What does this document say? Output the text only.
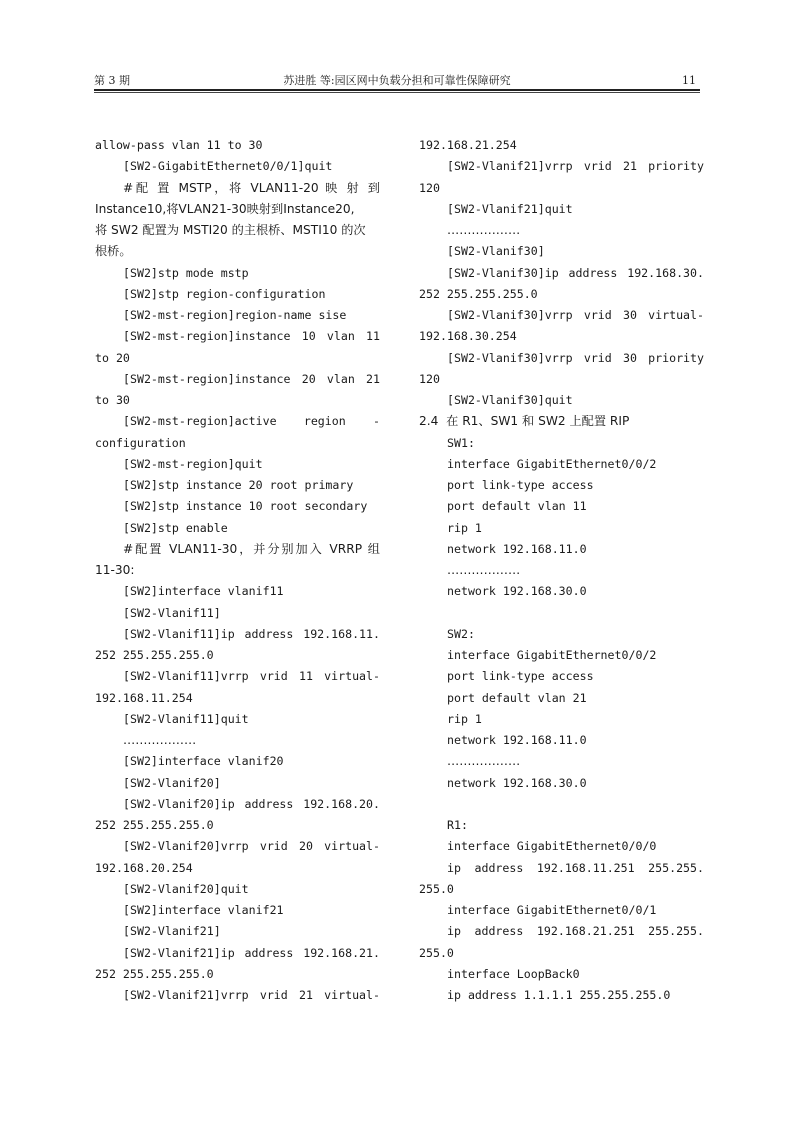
第 3 期	苏进胜 等:园区网中负载分担和可靠性保障研究	11
allow-pass vlan 11 to 30
[SW2-GigabitEthernet0/0/1]quit
#配 置 MSTP，将 VLAN11-20 映 射 到
Instance10,将VLAN21-30映射到Instance20,
将 SW2 配置为 MSTI20 的主根桥、MSTI10 的次
根桥。
[SW2]stp mode mstp
[SW2]stp region-configuration
[SW2-mst-region]region-name sise
[SW2-mst-region]instance 10 vlan 11
to 20
[SW2-mst-region]instance 20 vlan 21
to 30
[SW2-mst-region]active region -
configuration
[SW2-mst-region]quit
[SW2]stp instance 20 root primary
[SW2]stp instance 10 root secondary
[SW2]stp enable
#配置 VLAN11-30，并分别加入 VRRP 组
11-30:
[SW2]interface vlanif11
[SW2-Vlanif11]
[SW2-Vlanif11]ip address 192.168.11.
252 255.255.255.0
[SW2-Vlanif11]vrrp vrid 11 virtual-
192.168.11.254
[SW2-Vlanif11]quit
………………
[SW2]interface vlanif20
[SW2-Vlanif20]
[SW2-Vlanif20]ip address 192.168.20.
252 255.255.255.0
[SW2-Vlanif20]vrrp vrid 20 virtual-
192.168.20.254
[SW2-Vlanif20]quit
[SW2]interface vlanif21
[SW2-Vlanif21]
[SW2-Vlanif21]ip address 192.168.21.
252 255.255.255.0
[SW2-Vlanif21]vrrp vrid 21 virtual-
192.168.21.254
[SW2-Vlanif21]vrrp vrid 21 priority
120
[SW2-Vlanif21]quit
………………
[SW2-Vlanif30]
[SW2-Vlanif30]ip address 192.168.30.
252 255.255.255.0
[SW2-Vlanif30]vrrp vrid 30 virtual-
192.168.30.254
[SW2-Vlanif30]vrrp vrid 30 priority
120
[SW2-Vlanif30]quit
2.4  在 R1、SW1 和 SW2 上配置 RIP
SW1:
interface GigabitEthernet0/0/2
port link-type access
port default vlan 11
rip 1
network 192.168.11.0
………………
network 192.168.30.0

SW2:
interface GigabitEthernet0/0/2
port link-type access
port default vlan 21
rip 1
network 192.168.11.0
………………
network 192.168.30.0

R1:
interface GigabitEthernet0/0/0
ip address 192.168.11.251 255.255.
255.0
interface GigabitEthernet0/0/1
ip address 192.168.21.251 255.255.
255.0
interface LoopBack0
ip address 1.1.1.1 255.255.255.0
